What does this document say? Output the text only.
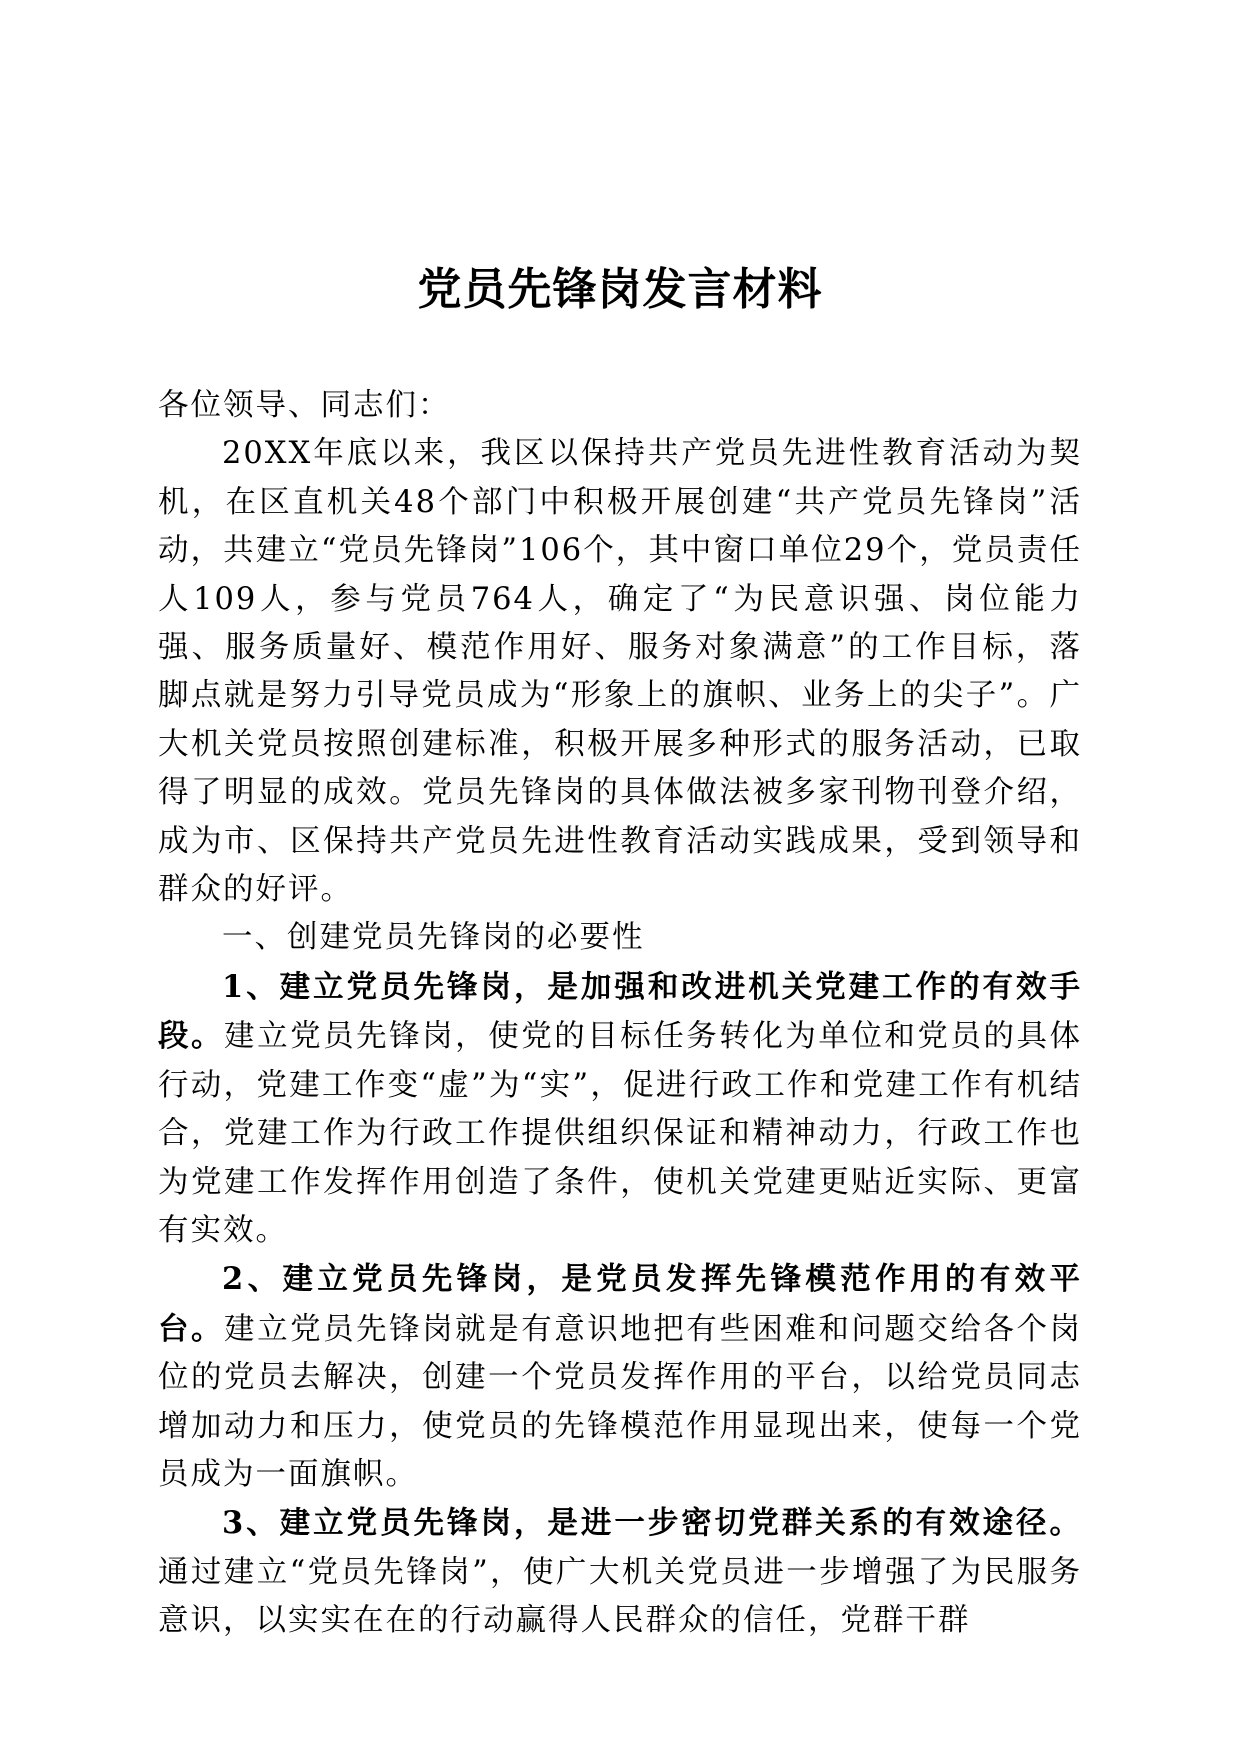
党员先锋岗发言材料

各位领导、同志们：

20XX年底以来，我区以保持共产党员先进性教育活动为契机，在区直机关48个部门中积极开展创建“共产党员先锋岗”活动，共建立“党员先锋岗”106个，其中窗口单位29个，党员责任人109人，参与党员764人，确定了“为民意识强、岗位能力强、服务质量好、模范作用好、服务对象满意”的工作目标，落脚点就是努力引导党员成为“形象上的旗帜、业务上的尖子”。广大机关党员按照创建标准，积极开展多种形式的服务活动，已取得了明显的成效。党员先锋岗的具体做法被多家刊物刊登介绍，成为市、区保持共产党员先进性教育活动实践成果，受到领导和群众的好评。

一、创建党员先锋岗的必要性

1、建立党员先锋岗，是加强和改进机关党建工作的有效手段。建立党员先锋岗，使党的目标任务转化为单位和党员的具体行动，党建工作变“虚”为“实”，促进行政工作和党建工作有机结合，党建工作为行政工作提供组织保证和精神动力，行政工作也为党建工作发挥作用创造了条件，使机关党建更贴近实际、更富有实效。

2、建立党员先锋岗，是党员发挥先锋模范作用的有效平台。建立党员先锋岗就是有意识地把有些困难和问题交给各个岗位的党员去解决，创建一个党员发挥作用的平台，以给党员同志增加动力和压力，使党员的先锋模范作用显现出来，使每一个党员成为一面旗帜。

3、建立党员先锋岗，是进一步密切党群关系的有效途径。通过建立“党员先锋岗”，使广大机关党员进一步增强了为民服务意识，以实实在在的行动赢得人民群众的信任，党群干群
